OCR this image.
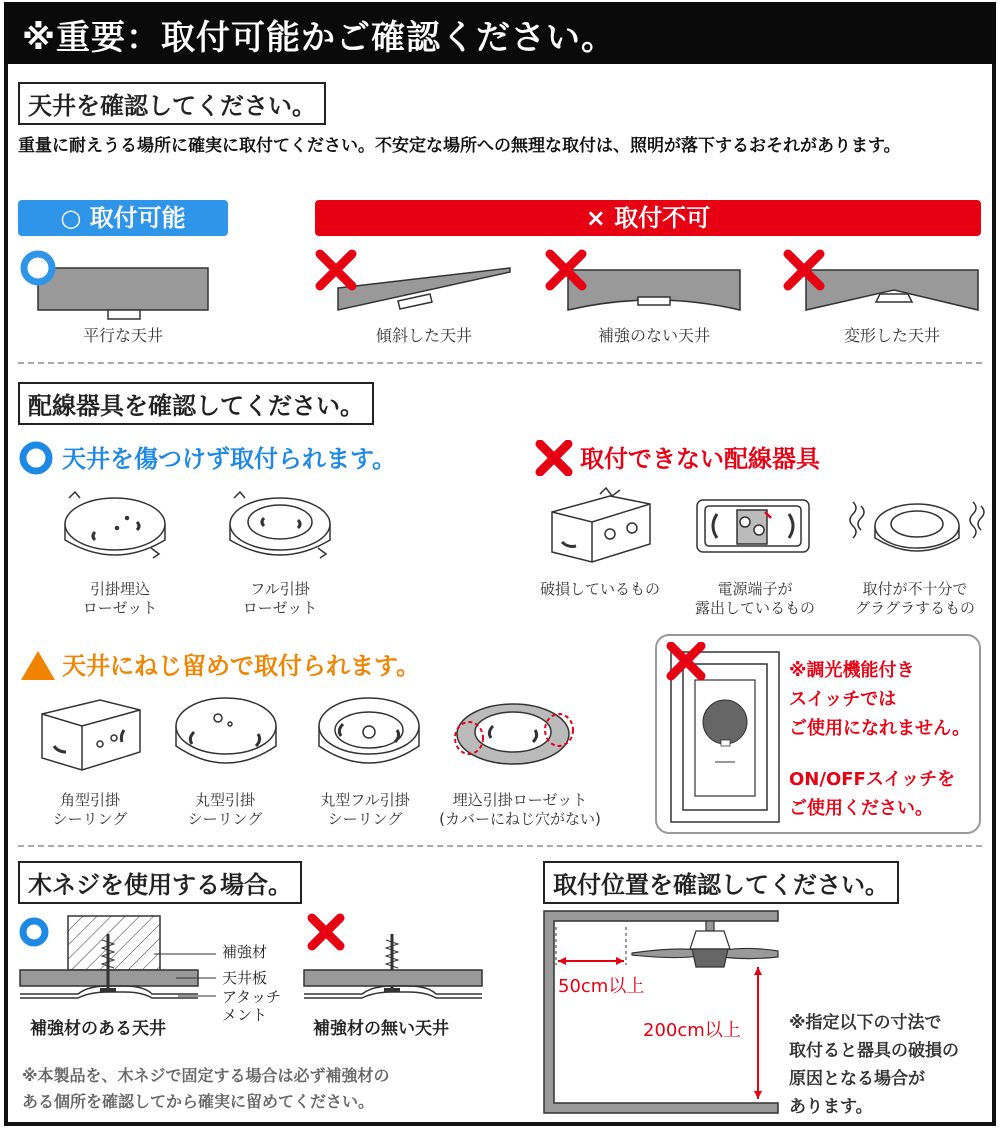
※重要：取付可能かご確認ください。
天井を確認してください。
重量に耐えうる場所に確実に取付てください。不安定な場所への無理な取付は、照明が落下するおそれがあります。
○ 取付可能	× 取付不可
平行な天井	傾斜した天井	補強のない天井	変形した天井
配線器具を確認してください。
天井を傷つけず取付られます。	取付できない配線器具
引掛埋込
ローゼット
フル引掛
ローゼット
破損しているもの	電源端子が
露出しているもの
取付が不十分で
グラグラするもの
天井にねじ留めで取付られます。
角型引掛
シーリング
丸型引掛
シーリング
丸型フル引掛
シーリング
埋込引掛ローゼット
(カバーにねじ穴がない)
※調光機能付き
スイッチでは
ご使用になれません。
ON/OFFスイッチを
ご使用ください。
木ネジを使用する場合。
補強材
天井板
アタッチ
メント
補強材のある天井	補強材の無い天井
※本製品を、木ネジで固定する場合は必ず補強材の
ある個所を確認してから確実に留めてください。
取付位置を確認してください。
50cm以上
200cm以上	※指定以下の寸法で
取付ると器具の破損の
原因となる場合が
あります。
